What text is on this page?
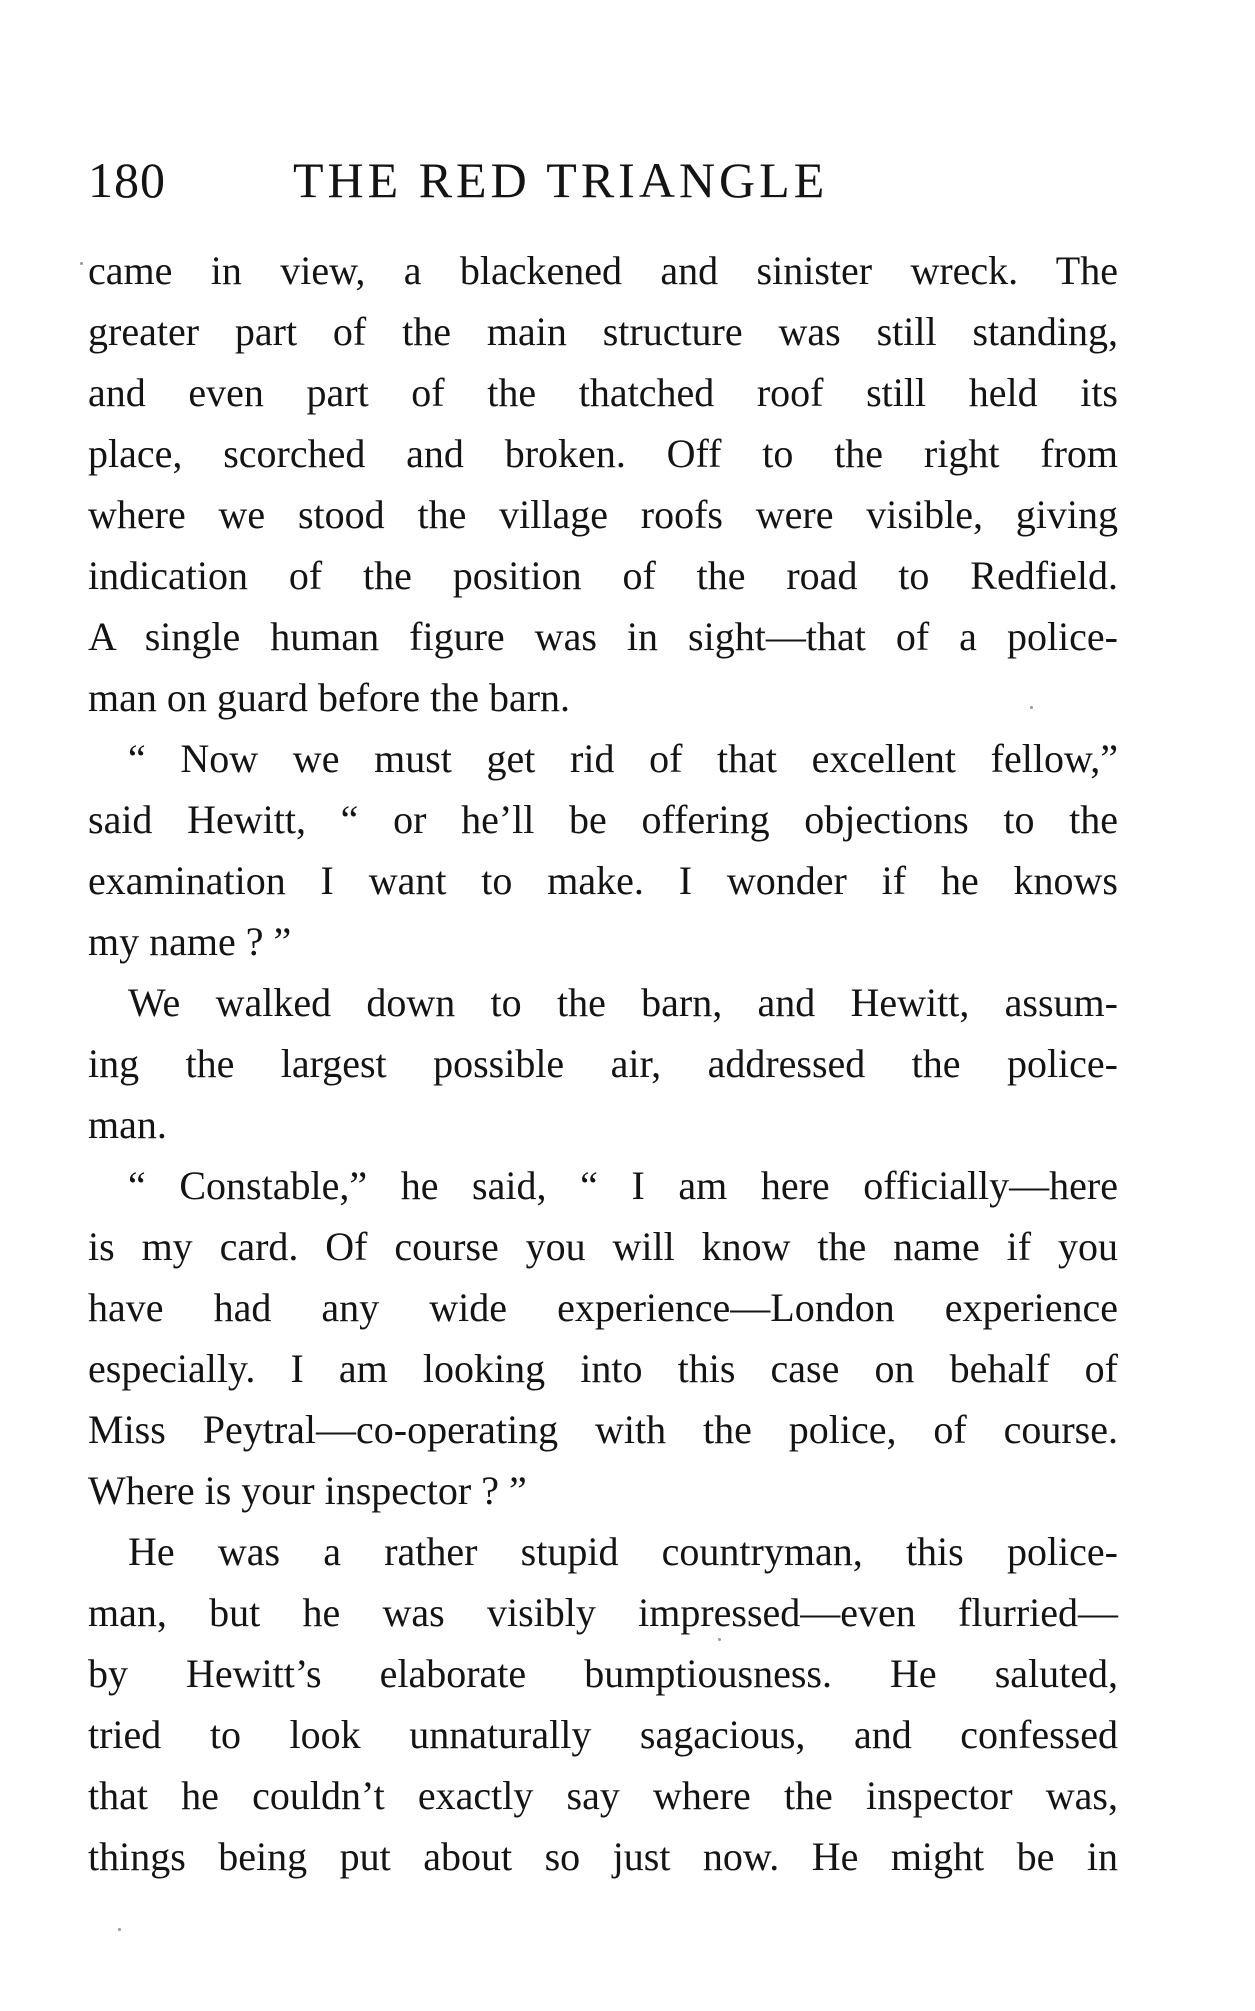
180	THE RED TRIANGLE
came in view, a blackened and sinister wreck. The
greater part of the main structure was still standing,
and even part of the thatched roof still held its
place, scorched and broken. Off to the right from
where we stood the village roofs were visible, giving
indication of the position of the road to Redfield.
A single human figure was in sight—that of a police-
man on guard before the barn.
“ Now we must get rid of that excellent fellow,”
said Hewitt, “ or he’ll be offering objections to the
examination I want to make. I wonder if he knows
my name ? ”
We walked down to the barn, and Hewitt, assum-
ing the largest possible air, addressed the police-
man.
“ Constable,” he said, “ I am here officially—here
is my card. Of course you will know the name if you
have had any wide experience—London experience
especially. I am looking into this case on behalf of
Miss Peytral—co-operating with the police, of course.
Where is your inspector ? ”
He was a rather stupid countryman, this police-
man, but he was visibly impressed—even flurried—
by Hewitt’s elaborate bumptiousness. He saluted,
tried to look unnaturally sagacious, and confessed
that he couldn’t exactly say where the inspector was,
things being put about so just now. He might be in
